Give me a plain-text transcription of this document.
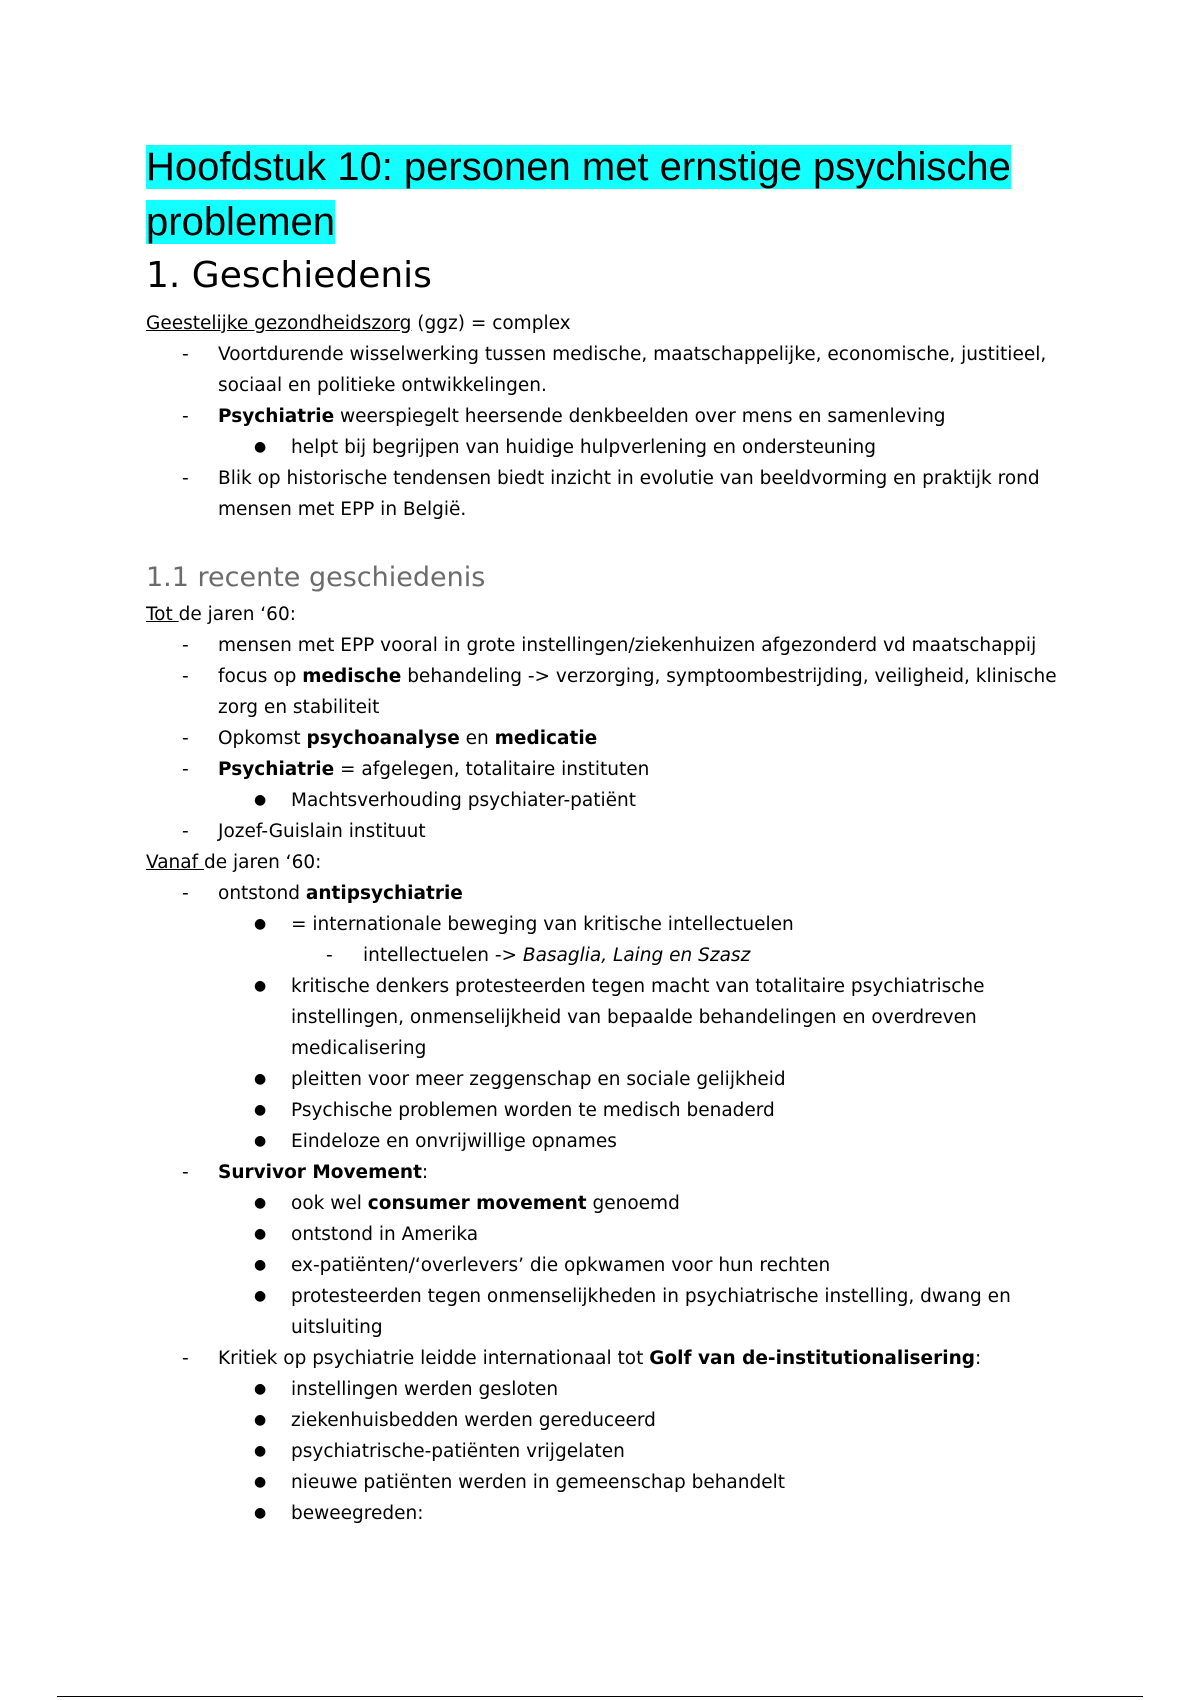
Hoofdstuk 10: personen met ernstige psychische
problemen
1. Geschiedenis
Geestelijke gezondheidszorg (ggz) = complex
- Voortdurende wisselwerking tussen medische, maatschappelijke, economische, justitieel, sociaal en politieke ontwikkelingen.
- Psychiatrie weerspiegelt heersende denkbeelden over mens en samenleving
● helpt bij begrijpen van huidige hulpverlening en ondersteuning
- Blik op historische tendensen biedt inzicht in evolutie van beeldvorming en praktijk rond mensen met EPP in België.
1.1 recente geschiedenis
Tot de jaren ‘60:
- mensen met EPP vooral in grote instellingen/ziekenhuizen afgezonderd vd maatschappij
- focus op medische behandeling -> verzorging, symptoombestrijding, veiligheid, klinische zorg en stabiliteit
- Opkomst psychoanalyse en medicatie
- Psychiatrie = afgelegen, totalitaire instituten
● Machtsverhouding psychiater-patiënt
- Jozef-Guislain instituut
Vanaf de jaren ‘60:
- ontstond antipsychiatrie
● = internationale beweging van kritische intellectuelen
- intellectuelen -> Basaglia, Laing en Szasz
● kritische denkers protesteerden tegen macht van totalitaire psychiatrische instellingen, onmenselijkheid van bepaalde behandelingen en overdreven medicalisering
● pleitten voor meer zeggenschap en sociale gelijkheid
● Psychische problemen worden te medisch benaderd
● Eindeloze en onvrijwillige opnames
- Survivor Movement:
● ook wel consumer movement genoemd
● ontstond in Amerika
● ex-patiënten/‘overlevers’ die opkwamen voor hun rechten
● protesteerden tegen onmenselijkheden in psychiatrische instelling, dwang en uitsluiting
- Kritiek op psychiatrie leidde internationaal tot Golf van de-institutionalisering:
● instellingen werden gesloten
● ziekenhuisbedden werden gereduceerd
● psychiatrische-patiënten vrijgelaten
● nieuwe patiënten werden in gemeenschap behandelt
● beweegreden:
